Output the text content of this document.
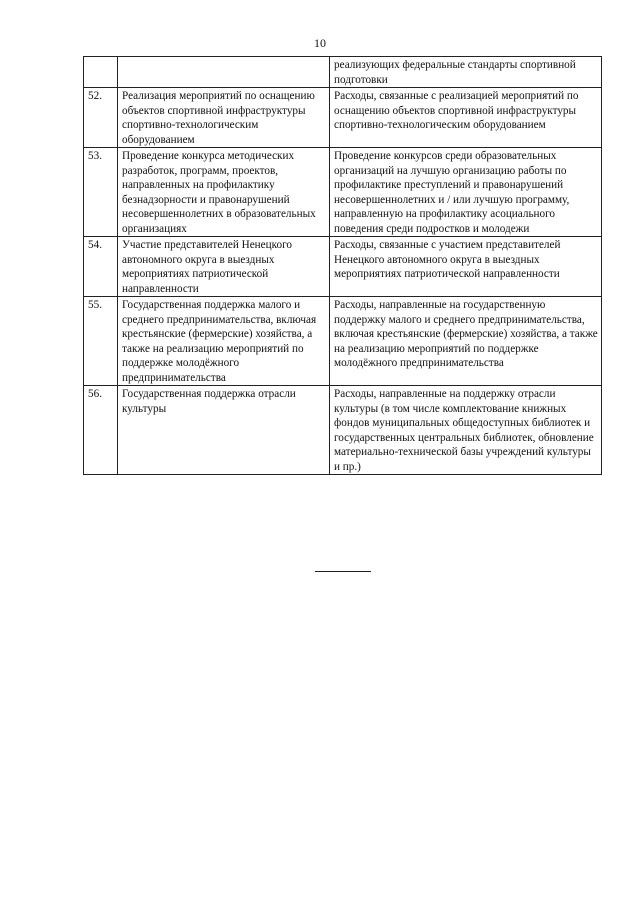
10
		реализующих федеральные стандарты спортивной подготовки
52.	Реализация мероприятий по оснащению объектов спортивной инфраструктуры спортивно-технологическим оборудованием	Расходы, связанные с реализацией мероприятий по оснащению объектов спортивной инфраструктуры спортивно-технологическим оборудованием
53.	Проведение конкурса методических разработок, программ, проектов, направленных на профилактику безнадзорности и правонарушений несовершеннолетних в образовательных организациях	Проведение конкурсов среди образовательных организаций на лучшую организацию работы по профилактике преступлений и правонарушений несовершеннолетних и / или лучшую программу, направленную на профилактику асоциального поведения среди подростков и молодежи
54.	Участие представителей Ненецкого автономного округа в выездных мероприятиях патриотической направленности	Расходы, связанные с участием представителей Ненецкого автономного округа в выездных мероприятиях патриотической направленности
55.	Государственная поддержка малого и среднего предпринимательства, включая крестьянские (фермерские) хозяйства, а также на реализацию мероприятий по поддержке молодёжного предпринимательства	Расходы, направленные на государственную поддержку малого и среднего предпринимательства, включая крестьянские (фермерские) хозяйства, а также на реализацию мероприятий по поддержке молодёжного предпринимательства
56.	Государственная поддержка отрасли культуры	Расходы, направленные на поддержку отрасли культуры (в том числе комплектование книжных фондов муниципальных общедоступных библиотек и государственных центральных библиотек, обновление материально-технической базы учреждений культуры и пр.)
